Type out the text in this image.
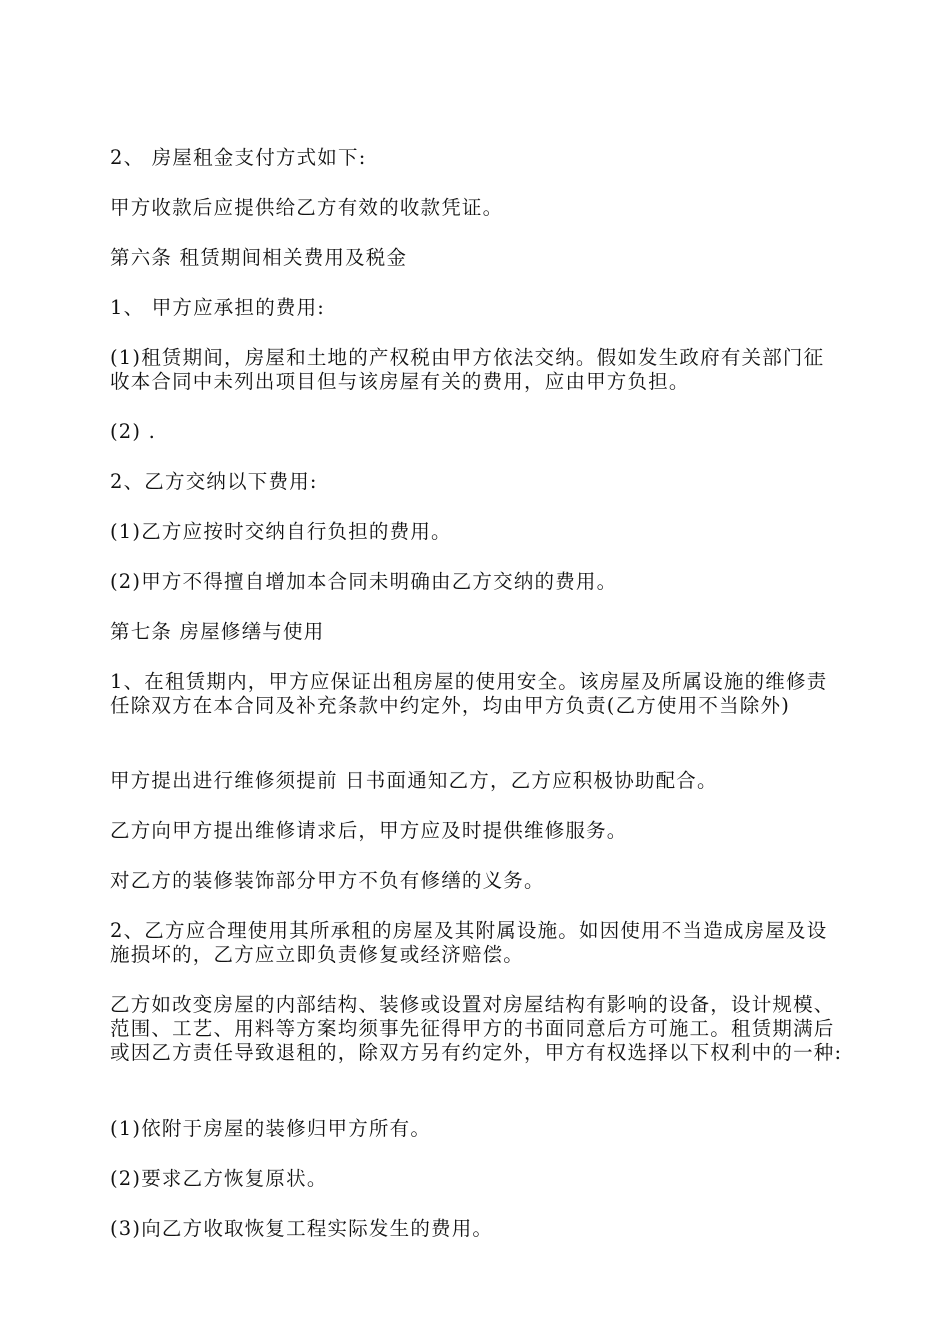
2、 房屋租金支付方式如下:

甲方收款后应提供给乙方有效的收款凭证。

第六条 租赁期间相关费用及税金

1、 甲方应承担的费用:

(1)租赁期间，房屋和土地的产权税由甲方依法交纳。假如发生政府有关部门征收本合同中未列出项目但与该房屋有关的费用，应由甲方负担。

(2) .

2、乙方交纳以下费用:

(1)乙方应按时交纳自行负担的费用。

(2)甲方不得擅自增加本合同未明确由乙方交纳的费用。

第七条 房屋修缮与使用

1、在租赁期内，甲方应保证出租房屋的使用安全。该房屋及所属设施的维修责任除双方在本合同及补充条款中约定外，均由甲方负责(乙方使用不当除外)

甲方提出进行维修须提前 日书面通知乙方，乙方应积极协助配合。

乙方向甲方提出维修请求后，甲方应及时提供维修服务。

对乙方的装修装饰部分甲方不负有修缮的义务。

2、乙方应合理使用其所承租的房屋及其附属设施。如因使用不当造成房屋及设施损坏的，乙方应立即负责修复或经济赔偿。

乙方如改变房屋的内部结构、装修或设置对房屋结构有影响的设备，设计规模、范围、工艺、用料等方案均须事先征得甲方的书面同意后方可施工。租赁期满后或因乙方责任导致退租的，除双方另有约定外，甲方有权选择以下权利中的一种:

(1)依附于房屋的装修归甲方所有。

(2)要求乙方恢复原状。

(3)向乙方收取恢复工程实际发生的费用。
